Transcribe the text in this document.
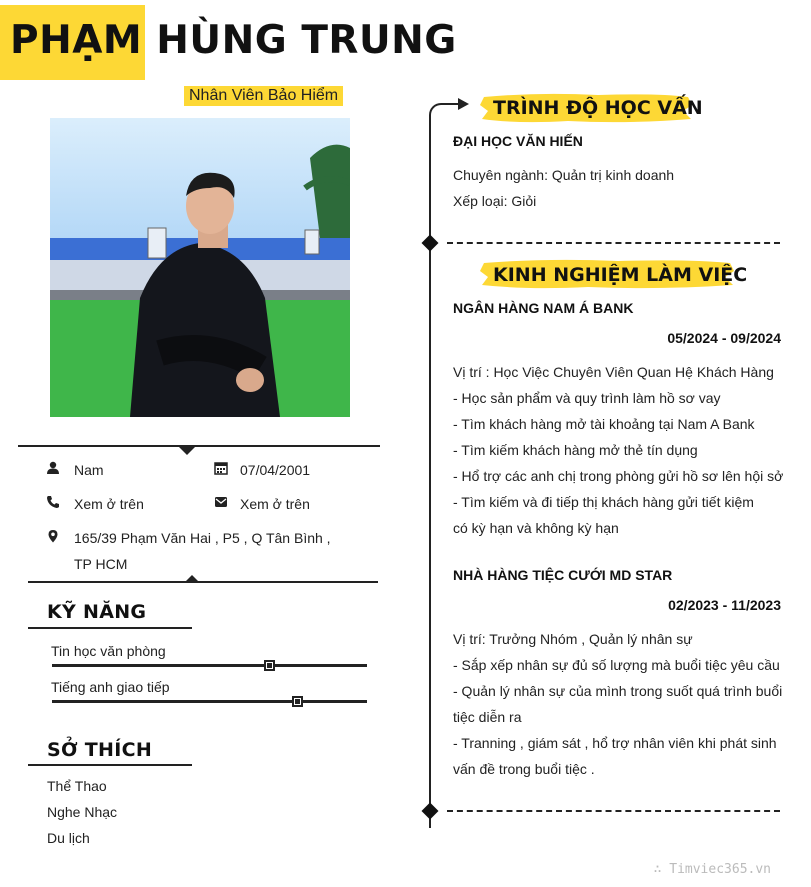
PHẠM HÙNG TRUNG
Nhân Viên Bảo Hiểm
Nam	07/04/2001
Xem ở trên	Xem ở trên
165/39 Phạm Văn Hai , P5 , Q Tân Bình ,
TP HCM
KỸ NĂNG
Tin học văn phòng
Tiếng anh giao tiếp
SỞ THÍCH
Thể Thao
Nghe Nhạc
Du lịch
TRÌNH ĐỘ HỌC VẤN
ĐẠI HỌC VĂN HIẾN
Chuyên ngành: Quản trị kinh doanh
Xếp loại: Giỏi
KINH NGHIỆM LÀM VIỆC
NGÂN HÀNG NAM Á BANK
05/2024 - 09/2024
Vị trí : Học Việc Chuyên Viên Quan Hệ Khách Hàng
- Học sản phẩm và quy trình làm hồ sơ vay
- Tìm khách hàng mở tài khoảng tại Nam A Bank
- Tìm kiếm khách hàng mở thẻ tín dụng
- Hổ trợ các anh chị trong phòng gửi hồ sơ lên hội sở
- Tìm kiếm và đi tiếp thị khách hàng gửi tiết kiệm
có kỳ hạn và không kỳ hạn
NHÀ HÀNG TIỆC CƯỚI MD STAR
02/2023 - 11/2023
Vị trí: Trưởng Nhóm , Quản lý nhân sự
- Sắp xếp nhân sự đủ số lượng mà buổi tiệc yêu cầu
- Quản lý nhân sự của mình trong suốt quá trình buổi
tiệc diễn ra
- Tranning , giám sát , hổ trợ nhân viên khi phát sinh
vấn đề trong buổi tiệc .
∴ Timviec365.vn
